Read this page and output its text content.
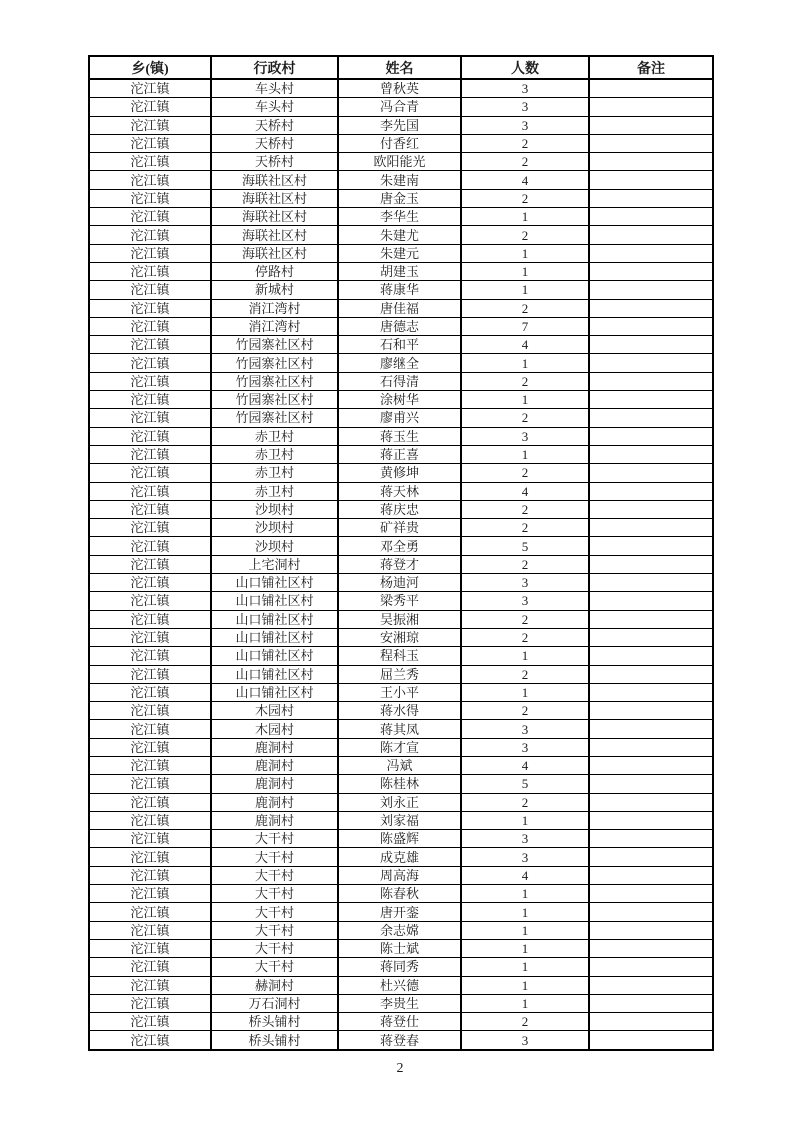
乡(镇)	行政村	姓名	人数	备注
沱江镇	车头村	曾秋英	3	
沱江镇	车头村	冯合青	3	
沱江镇	天桥村	李先国	3	
沱江镇	天桥村	付香红	2	
沱江镇	天桥村	欧阳能光	2	
沱江镇	海联社区村	朱建南	4	
沱江镇	海联社区村	唐金玉	2	
沱江镇	海联社区村	李华生	1	
沱江镇	海联社区村	朱建尤	2	
沱江镇	海联社区村	朱建元	1	
沱江镇	停路村	胡建玉	1	
沱江镇	新城村	蒋康华	1	
沱江镇	消江湾村	唐佳福	2	
沱江镇	消江湾村	唐德志	7	
沱江镇	竹园寨社区村	石和平	4	
沱江镇	竹园寨社区村	廖继全	1	
沱江镇	竹园寨社区村	石得清	2	
沱江镇	竹园寨社区村	涂树华	1	
沱江镇	竹园寨社区村	廖甫兴	2	
沱江镇	赤卫村	蒋玉生	3	
沱江镇	赤卫村	蒋正喜	1	
沱江镇	赤卫村	黄修坤	2	
沱江镇	赤卫村	蒋天林	4	
沱江镇	沙坝村	蒋庆忠	2	
沱江镇	沙坝村	矿祥贵	2	
沱江镇	沙坝村	邓全勇	5	
沱江镇	上宅洞村	蒋登才	2	
沱江镇	山口铺社区村	杨迪河	3	
沱江镇	山口铺社区村	梁秀平	3	
沱江镇	山口铺社区村	吴振湘	2	
沱江镇	山口铺社区村	安湘琼	2	
沱江镇	山口铺社区村	程科玉	1	
沱江镇	山口铺社区村	屈兰秀	2	
沱江镇	山口铺社区村	王小平	1	
沱江镇	木园村	蒋水得	2	
沱江镇	木园村	蒋其凤	3	
沱江镇	鹿洞村	陈才宣	3	
沱江镇	鹿洞村	冯斌	4	
沱江镇	鹿洞村	陈桂林	5	
沱江镇	鹿洞村	刘永正	2	
沱江镇	鹿洞村	刘家福	1	
沱江镇	大干村	陈盛辉	3	
沱江镇	大干村	成克雄	3	
沱江镇	大干村	周高海	4	
沱江镇	大干村	陈春秋	1	
沱江镇	大干村	唐开銮	1	
沱江镇	大干村	余志嫦	1	
沱江镇	大干村	陈士斌	1	
沱江镇	大干村	蒋同秀	1	
沱江镇	赫洞村	杜兴德	1	
沱江镇	万石洞村	李贵生	1	
沱江镇	桥头铺村	蒋登仕	2	
沱江镇	桥头铺村	蒋登春	3	
2
